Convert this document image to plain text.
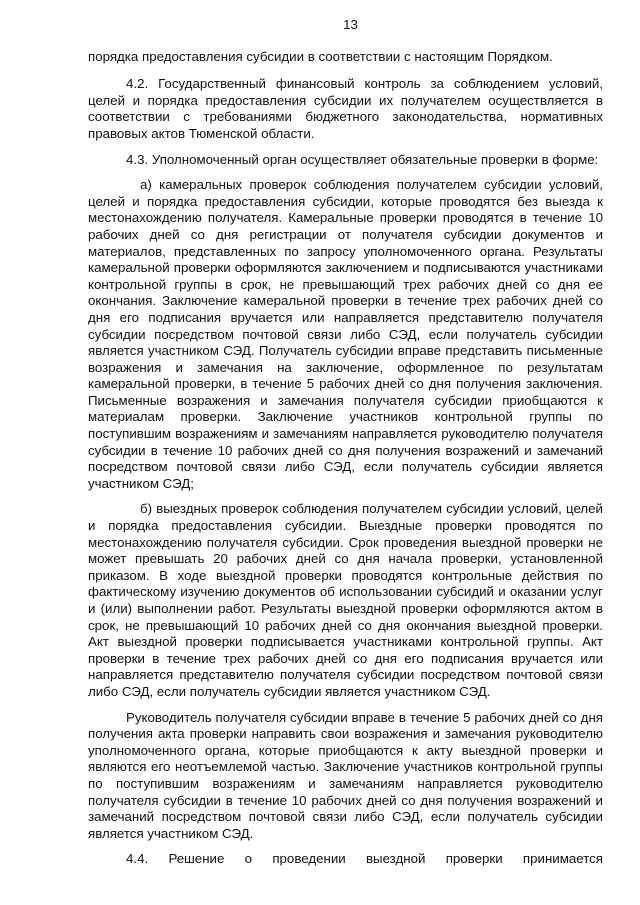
13

порядка предоставления субсидии в соответствии с настоящим Порядком.

4.2. Государственный финансовый контроль за соблюдением условий, целей и порядка предоставления субсидии их получателем осуществляется в соответствии с требованиями бюджетного законодательства, нормативных правовых актов Тюменской области.

4.3. Уполномоченный орган осуществляет обязательные проверки в форме:

а) камеральных проверок соблюдения получателем субсидии условий, целей и порядка предоставления субсидии, которые проводятся без выезда к местонахождению получателя. Камеральные проверки проводятся в течение 10 рабочих дней со дня регистрации от получателя субсидии документов и материалов, представленных по запросу уполномоченного органа. Результаты камеральной проверки оформляются заключением и подписываются участниками контрольной группы в срок, не превышающий трех рабочих дней со дня ее окончания. Заключение камеральной проверки в течение трех рабочих дней со дня его подписания вручается или направляется представителю получателя субсидии посредством почтовой связи либо СЭД, если получатель субсидии является участником СЭД. Получатель субсидии вправе представить письменные возражения и замечания на заключение, оформленное по результатам камеральной проверки, в течение 5 рабочих дней со дня получения заключения. Письменные возражения и замечания получателя субсидии приобщаются к материалам проверки. Заключение участников контрольной группы по поступившим возражениям и замечаниям направляется руководителю получателя субсидии в течение 10 рабочих дней со дня получения возражений и замечаний посредством почтовой связи либо СЭД, если получатель субсидии является участником СЭД;

б) выездных проверок соблюдения получателем субсидии условий, целей и порядка предоставления субсидии. Выездные проверки проводятся по местонахождению получателя субсидии. Срок проведения выездной проверки не может превышать 20 рабочих дней со дня начала проверки, установленной приказом. В ходе выездной проверки проводятся контрольные действия по фактическому изучению документов об использовании субсидий и оказании услуг и (или) выполнении работ. Результаты выездной проверки оформляются актом в срок, не превышающий 10 рабочих дней со дня окончания выездной проверки. Акт выездной проверки подписывается участниками контрольной группы. Акт проверки в течение трех рабочих дней со дня его подписания вручается или направляется представителю получателя субсидии посредством почтовой связи либо СЭД, если получатель субсидии является участником СЭД.

Руководитель получателя субсидии вправе в течение 5 рабочих дней со дня получения акта проверки направить свои возражения и замечания руководителю уполномоченного органа, которые приобщаются к акту выездной проверки и являются его неотъемлемой частью. Заключение участников контрольной группы по поступившим возражениям и замечаниям направляется руководителю получателя субсидии в течение 10 рабочих дней со дня получения возражений и замечаний посредством почтовой связи либо СЭД, если получатель субсидии является участником СЭД.

4.4. Решение о проведении выездной проверки принимается
